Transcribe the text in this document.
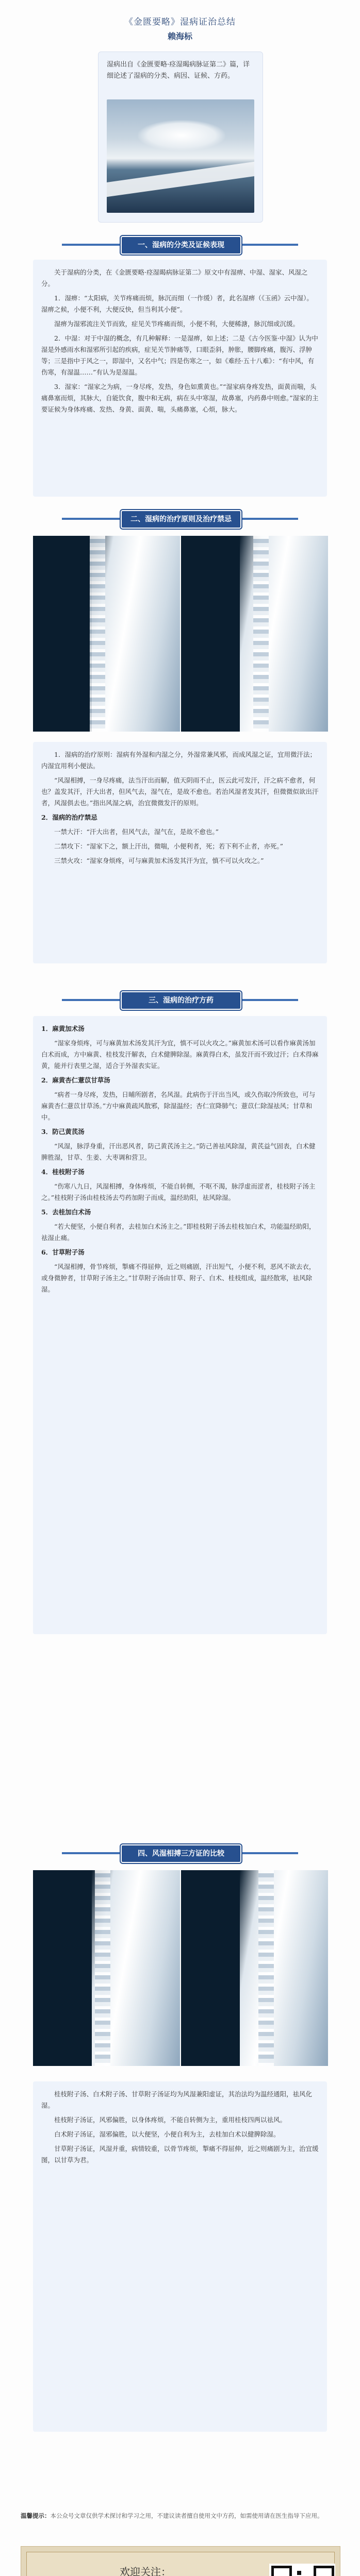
《金匮要略》湿病证治总结
赖海标

湿病出自《金匮要略·痉湿暍病脉证第二》篇，详细论述了湿病的分类、病因、证候、方药。

一、湿病的分类及证候表现

关于湿病的分类，在《金匮要略·痉湿暍病脉证第二》原文中有湿痹、中湿、湿家、风湿之分。

1．湿痹：“太阳病，关节疼痛而烦，脉沉而细（一作缓）者，此名湿痹（《玉函》云中湿）。湿痹之候，小便不利，大便反快，但当利其小便”。

湿痹为湿邪流注关节而致，症见关节疼痛而烦，小便不利，大便稀溏，脉沉细或沉缓。

2．中湿：对于中湿的概念，有几种解释：一是湿痹，如上述；二是《古今医鉴·中湿》认为中湿是外感雨水和湿邪所引起的疾病，症见关节肿痛等，口眼歪斜，肿胀，腰脚疼痛，腹泻、浮肿等；三是指中于风之一，即湿中，又名中气；四是伤寒之一，如《难经·五十八难》：“有中风，有伤寒，有湿温……”有认为是湿温。

3．湿家：“湿家之为病，一身尽疼，发热，身色如熏黄也。”“湿家病身疼发热，面黄而喘，头痛鼻塞而烦，其脉大，自能饮食，腹中和无病，病在头中寒湿，故鼻塞，内药鼻中则愈。”湿家的主要证候为身体疼痛、发热、身黄、面黄、喘，头痛鼻塞，心烦，脉大。

二、湿病的治疗原则及治疗禁忌

1．湿病的治疗原则：湿病有外湿和内湿之分，外湿常兼风邪，而成风湿之证，宜用微汗法；内湿宜用利小便法。

“风湿相搏，一身尽疼痛，法当汗出而解，值天阴雨不止，医云此可发汗，汗之病不愈者，何也？盖发其汗，汗大出者，但风气去，湿气在，是故不愈也。若治风湿者发其汗，但微微似欲出汗者，风湿俱去也。”指出风湿之病，治宜微微发汗的原则。

2．湿病的治疗禁忌

一禁大汗：“汗大出者，但风气去，湿气在，是故不愈也。”

二禁攻下：“湿家下之，额上汗出，微喘，小便利者，死；若下利不止者，亦死。”

三禁火攻：“湿家身烦疼，可与麻黄加术汤发其汗为宜，慎不可以火攻之。”

三、湿病的治疗方药

1．麻黄加术汤

“湿家身烦疼，可与麻黄加术汤发其汗为宜，慎不可以火攻之。”麻黄加术汤可以看作麻黄汤加白术而成，方中麻黄、桂枝发汗解表，白术健脾除湿。麻黄得白术，虽发汗而不致过汗；白术得麻黄，能并行表里之湿，适合于外湿表实证。

2．麻黄杏仁薏苡甘草汤

“病者一身尽疼，发热，日晡所剧者，名风湿。此病伤于汗出当风，或久伤取冷所致也，可与麻黄杏仁薏苡甘草汤。”方中麻黄疏风散邪，除湿温经；杏仁宣降肺气；薏苡仁除湿祛风；甘草和中。

3．防己黄芪汤

“风湿，脉浮身重，汗出恶风者，防己黄芪汤主之。”防己善祛风除湿，黄芪益气固表，白术健脾胜湿，甘草、生姜、大枣调和营卫。

4．桂枝附子汤

“伤寒八九日，风湿相搏，身体疼烦，不能自转侧，不呕不渴，脉浮虚而涩者，桂枝附子汤主之。”桂枝附子汤由桂枝汤去芍药加附子而成，温经助阳，祛风除湿。

5．去桂加白术汤

“若大便坚，小便自利者，去桂加白术汤主之。”即桂枝附子汤去桂枝加白术，功能温经助阳，祛湿止痛。

6．甘草附子汤

“风湿相搏，骨节疼烦，掣痛不得屈伸，近之则痛剧，汗出短气，小便不利，恶风不欲去衣，或身微肿者，甘草附子汤主之。”甘草附子汤由甘草、附子、白术、桂枝组成，温经散寒，祛风除湿。

四、风湿相搏三方证的比较

桂枝附子汤、白术附子汤、甘草附子汤证均为风湿兼阳虚证，其治法均为温经通阳，祛风化湿。

桂枝附子汤证，风邪偏胜，以身体疼烦，不能自转侧为主，重用桂枝四两以祛风。

白术附子汤证，湿邪偏胜，以大便坚，小便自利为主，去桂加白术以健脾除湿。

甘草附子汤证，风湿并重，病情较重，以骨节疼烦，掣痛不得屈伸，近之则痛剧为主，治宜缓图，以甘草为君。

温馨提示：本公众号文章仅供学术探讨和学习之用，不建议读者擅自使用文中方药，如需使用请在医生指导下应用。
欢迎关注：
